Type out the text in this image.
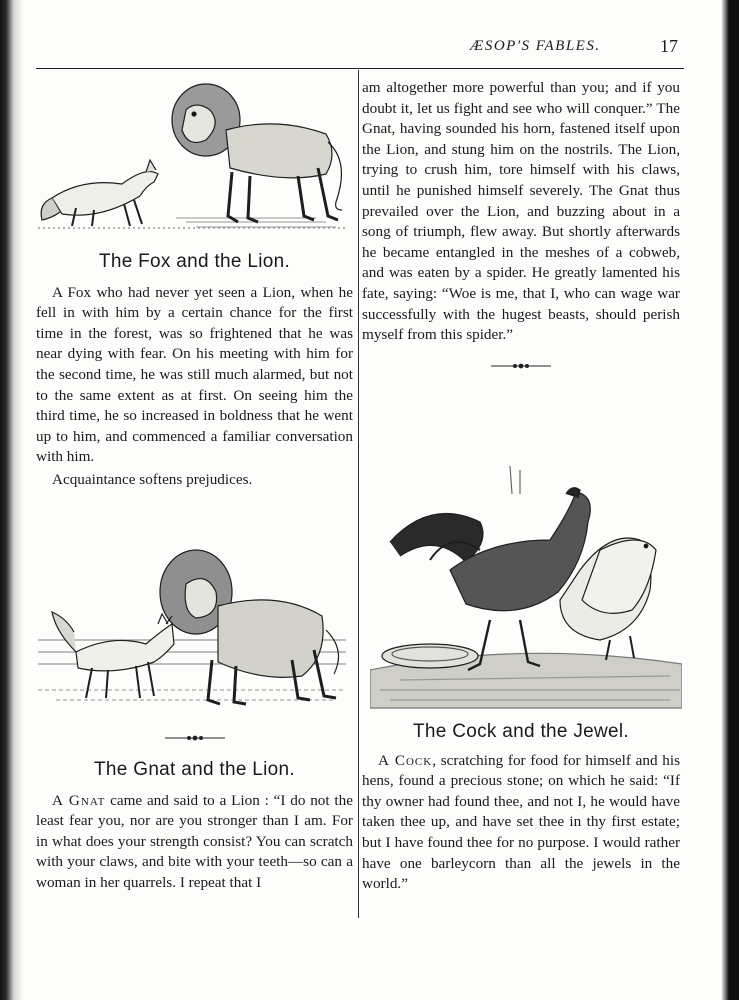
ÆSOP'S FABLES.	17

The Fox and the Lion.

A Fox who had never yet seen a Lion, when he fell in with him by a certain chance for the first time in the forest, was so frightened that he was near dying with fear. On his meeting with him for the second time, he was still much alarmed, but not to the same extent as at first. On seeing him the third time, he so increased in boldness that he went up to him, and commenced a familiar conversation with him.

Acquaintance softens prejudices.

The Gnat and the Lion.

A Gnat came and said to a Lion : “I do not the least fear you, nor are you stronger than I am. For in what does your strength consist? You can scratch with your claws, and bite with your teeth—so can a woman in her quarrels. I repeat that I

am altogether more powerful than you; and if you doubt it, let us fight and see who will conquer.” The Gnat, having sounded his horn, fastened itself upon the Lion, and stung him on the nostrils. The Lion, trying to crush him, tore himself with his claws, until he punished himself severely. The Gnat thus prevailed over the Lion, and buzzing about in a song of triumph, flew away. But shortly afterwards he became entangled in the meshes of a cobweb, and was eaten by a spider. He greatly lamented his fate, saying: “Woe is me, that I, who can wage war successfully with the hugest beasts, should perish myself from this spider.”

The Cock and the Jewel.

A Cock, scratching for food for himself and his hens, found a precious stone; on which he said: “If thy owner had found thee, and not I, he would have taken thee up, and have set thee in thy first estate; but I have found thee for no purpose. I would rather have one barleycorn than all the jewels in the world.”
